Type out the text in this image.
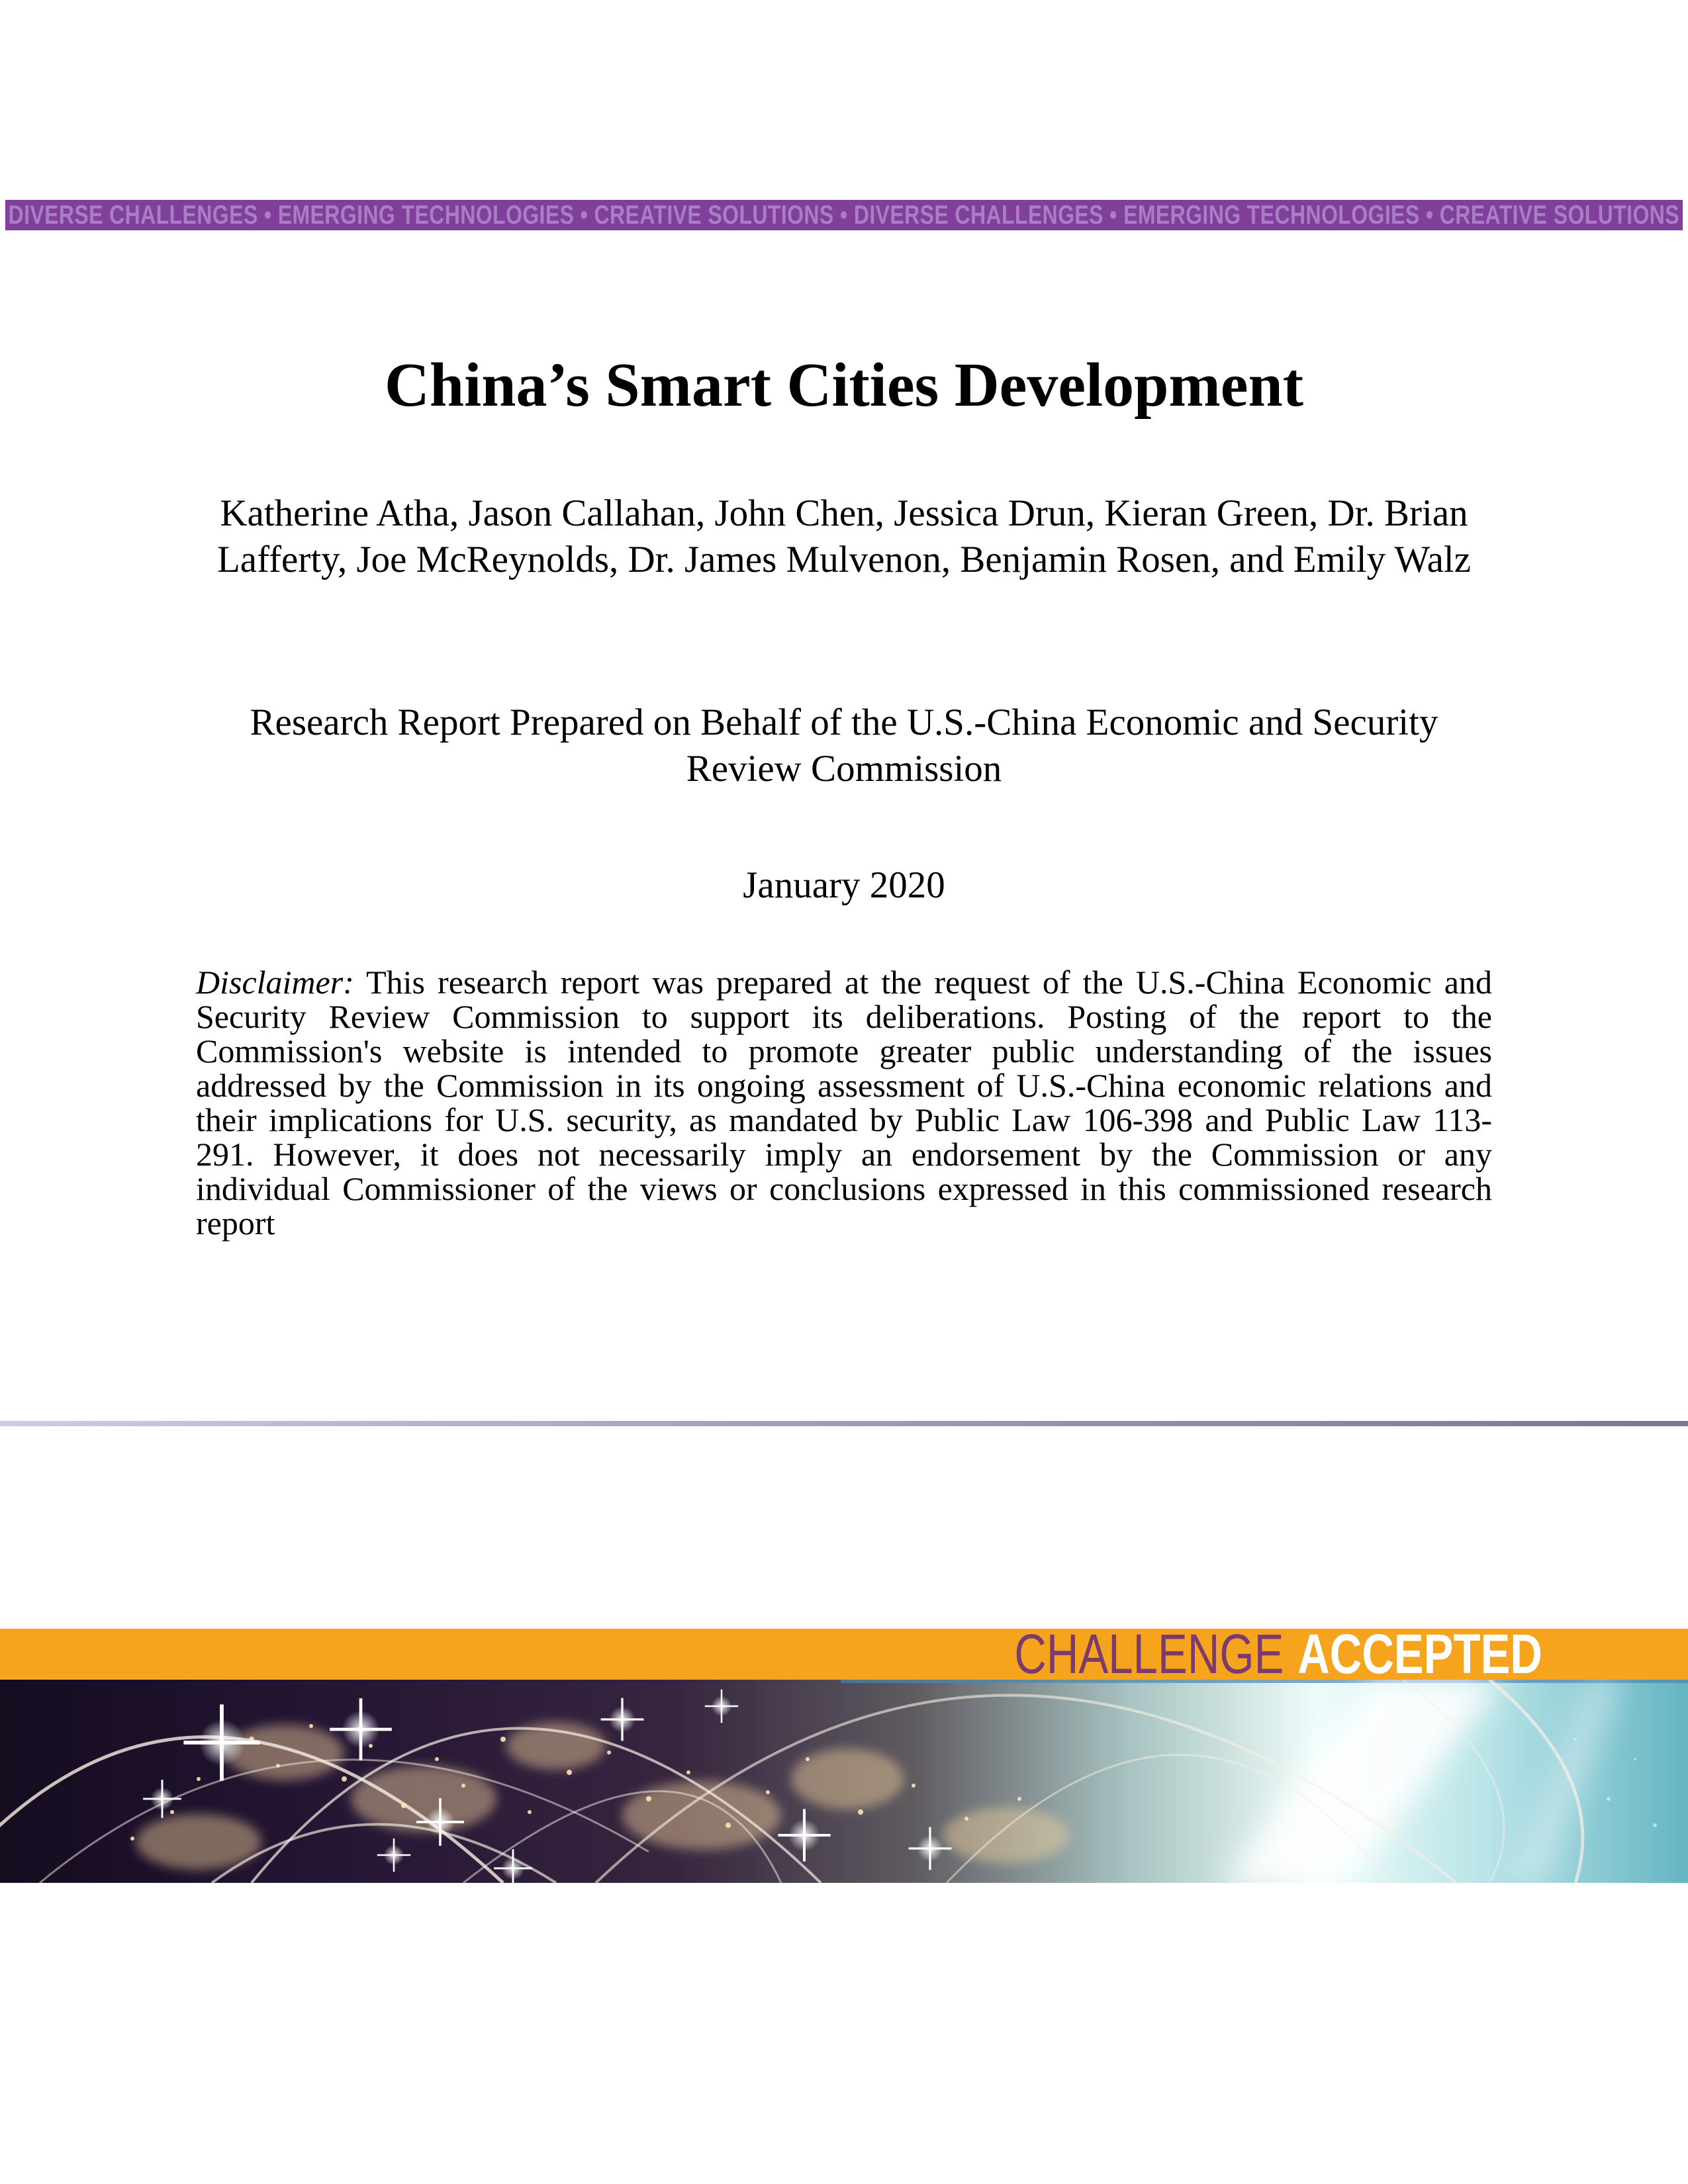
DIVERSE CHALLENGES • EMERGING TECHNOLOGIES • CREATIVE SOLUTIONS • DIVERSE CHALLENGES • EMERGING TECHNOLOGIES • CREATIVE SOLUTIONS
China’s Smart Cities Development

Katherine Atha, Jason Callahan, John Chen, Jessica Drun, Kieran Green, Dr. Brian Lafferty, Joe McReynolds, Dr. James Mulvenon, Benjamin Rosen, and Emily Walz

Research Report Prepared on Behalf of the U.S.-China Economic and Security Review Commission

January 2020

Disclaimer: This research report was prepared at the request of the U.S.-China Economic and Security Review Commission to support its deliberations. Posting of the report to the Commission's website is intended to promote greater public understanding of the issues addressed by the Commission in its ongoing assessment of U.S.-China economic relations and their implications for U.S. security, as mandated by Public Law 106-398 and Public Law 113-291. However, it does not necessarily imply an endorsement by the Commission or any individual Commissioner of the views or conclusions expressed in this commissioned research report

SOSi
CHALLENGE ACCEPTED
